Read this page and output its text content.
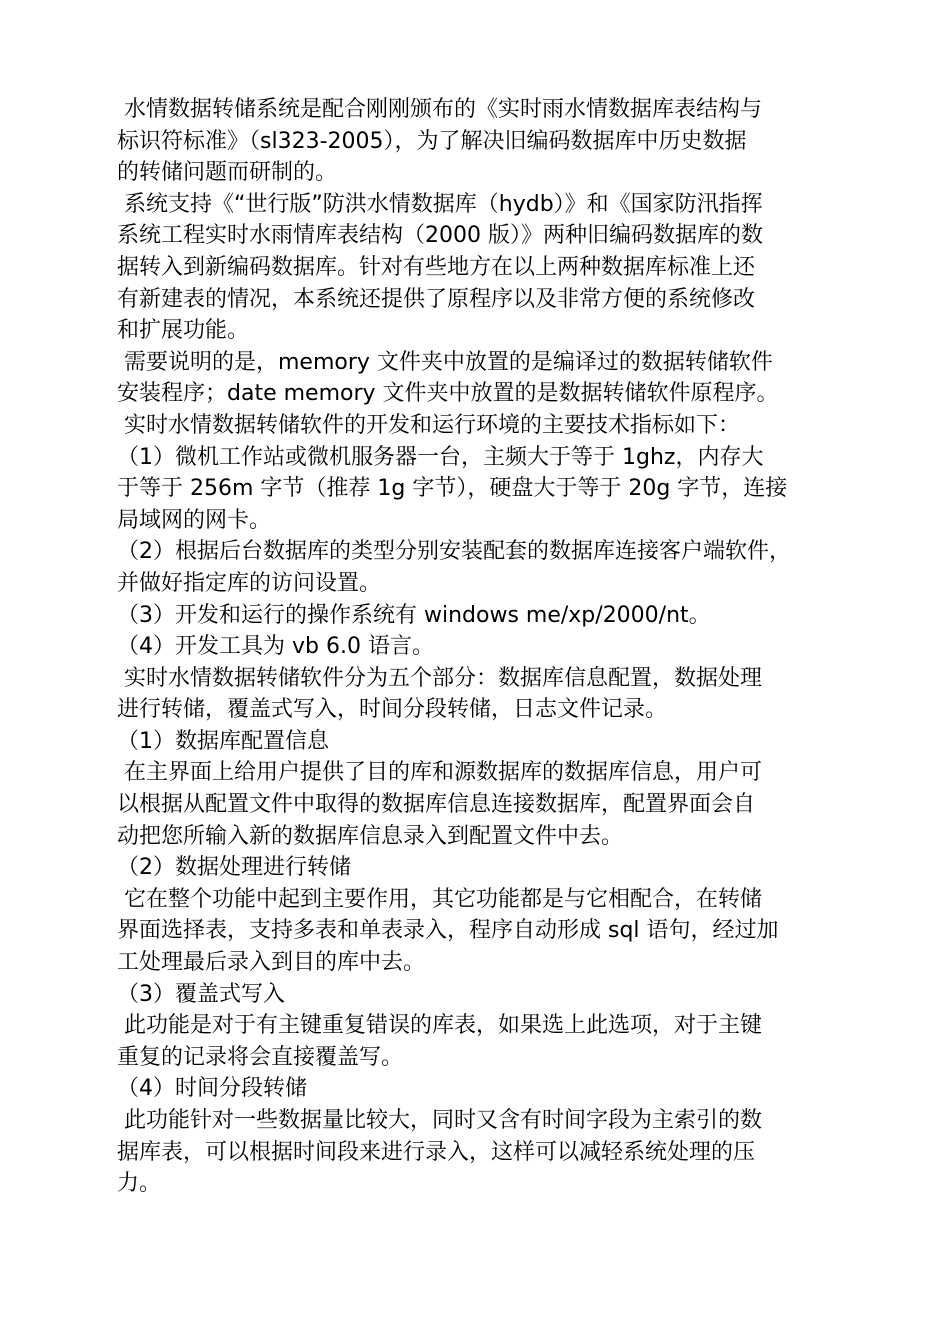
水情数据转储系统是配合刚刚颁布的《实时雨水情数据库表结构与
标识符标准》（sl323-2005），为了解决旧编码数据库中历史数据
的转储问题而研制的。
系统支持《“世行版”防洪水情数据库（hydb）》和《国家防汛指挥
系统工程实时水雨情库表结构（2000 版）》两种旧编码数据库的数
据转入到新编码数据库。针对有些地方在以上两种数据库标准上还
有新建表的情况，本系统还提供了原程序以及非常方便的系统修改
和扩展功能。
需要说明的是，memory 文件夹中放置的是编译过的数据转储软件
安装程序；date memory 文件夹中放置的是数据转储软件原程序。
实时水情数据转储软件的开发和运行环境的主要技术指标如下：
（1）微机工作站或微机服务器一台，主频大于等于 1ghz，内存大
于等于 256m 字节（推荐 1g 字节），硬盘大于等于 20g 字节，连接
局域网的网卡。
（2）根据后台数据库的类型分别安装配套的数据库连接客户端软件，
并做好指定库的访问设置。
（3）开发和运行的操作系统有 windows me/xp/2000/nt。
（4）开发工具为 vb 6.0 语言。
实时水情数据转储软件分为五个部分：数据库信息配置，数据处理
进行转储，覆盖式写入，时间分段转储，日志文件记录。
（1）数据库配置信息
在主界面上给用户提供了目的库和源数据库的数据库信息，用户可
以根据从配置文件中取得的数据库信息连接数据库，配置界面会自
动把您所输入新的数据库信息录入到配置文件中去。
（2）数据处理进行转储
它在整个功能中起到主要作用，其它功能都是与它相配合，在转储
界面选择表，支持多表和单表录入，程序自动形成 sql 语句，经过加
工处理最后录入到目的库中去。
（3）覆盖式写入
此功能是对于有主键重复错误的库表，如果选上此选项，对于主键
重复的记录将会直接覆盖写。
（4）时间分段转储
此功能针对一些数据量比较大，同时又含有时间字段为主索引的数
据库表，可以根据时间段来进行录入，这样可以减轻系统处理的压
力。
